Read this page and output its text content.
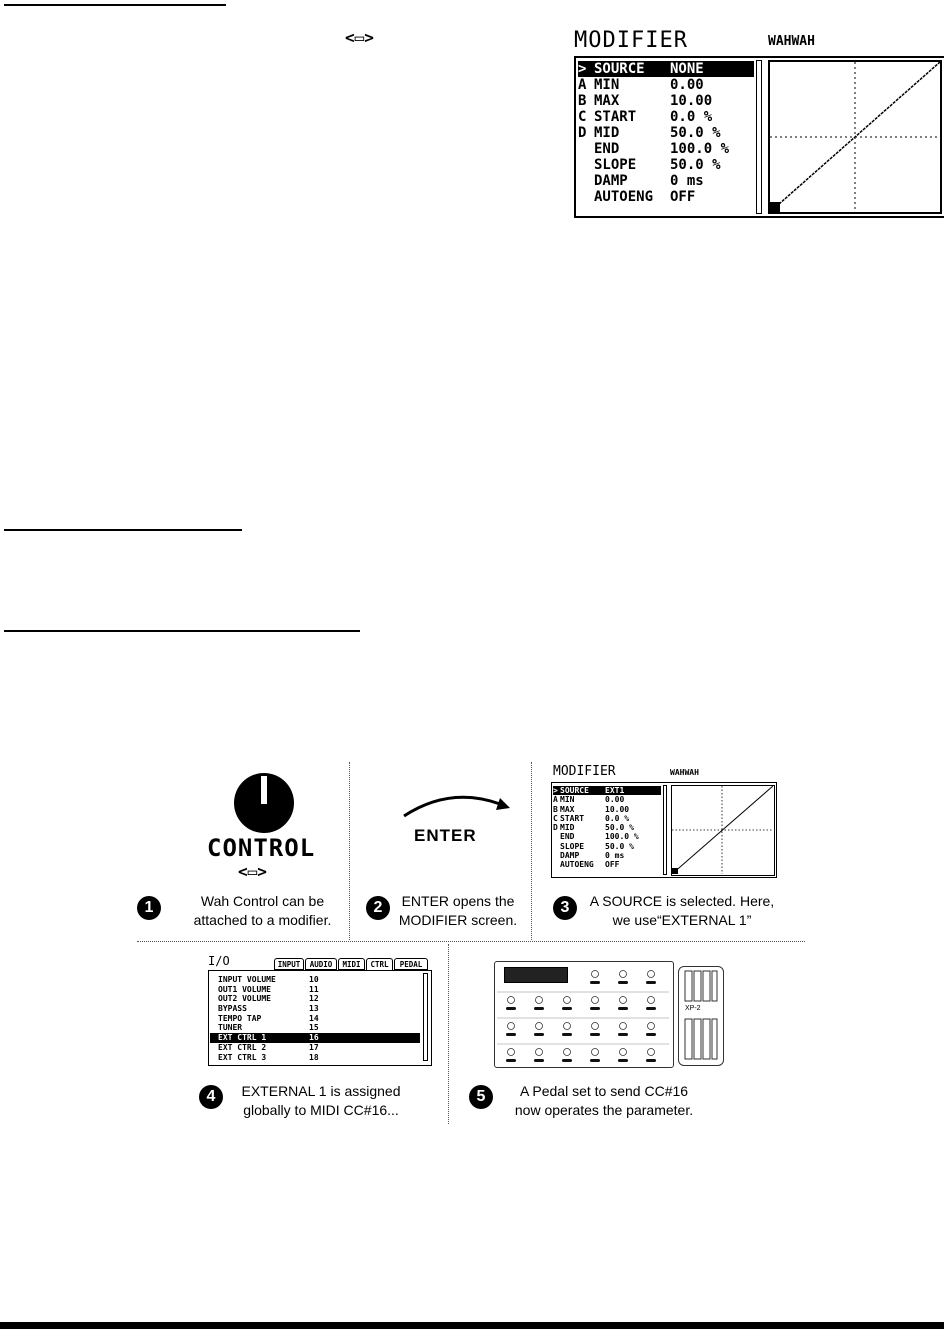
<▭>	MODIFIER	WAHWAH
> SOURCE NONE
A MIN	0.00
B MAX	10.00
C START 0.0 %
D MID	50.0 %
END	100.0 %
SLOPE 50.0 %
DAMP	0 ms
AUTOENG OFF
CONTROL
<▭>
1	Wah Control can be
attached to a modifier.
ENTER
2	ENTER opens the
MODIFIER screen.
MODIFIER	WAHWAH
> SOURCE EXT1
A MIN	0.00
B MAX	10.00
C START	0.0 %
D MID	50.0 %
END	100.0 %
SLOPE	50.0 %
DAMP	0 ms
AUTOENG OFF
3	A SOURCE is selected. Here,
we use“EXTERNAL 1”
I/O	INPUT	AUDIO	MIDI	CTRL	PEDAL
INPUT VOLUME	10
OUT1 VOLUME	11
OUT2 VOLUME	12
BYPASS	13
TEMPO TAP	14
TUNER	15
EXT CTRL 1	16
EXT CTRL 2	17
EXT CTRL 3	18
4	EXTERNAL 1 is assigned
globally to MIDI CC#16...
XP-2
5	A Pedal set to send CC#16
now operates the parameter.
